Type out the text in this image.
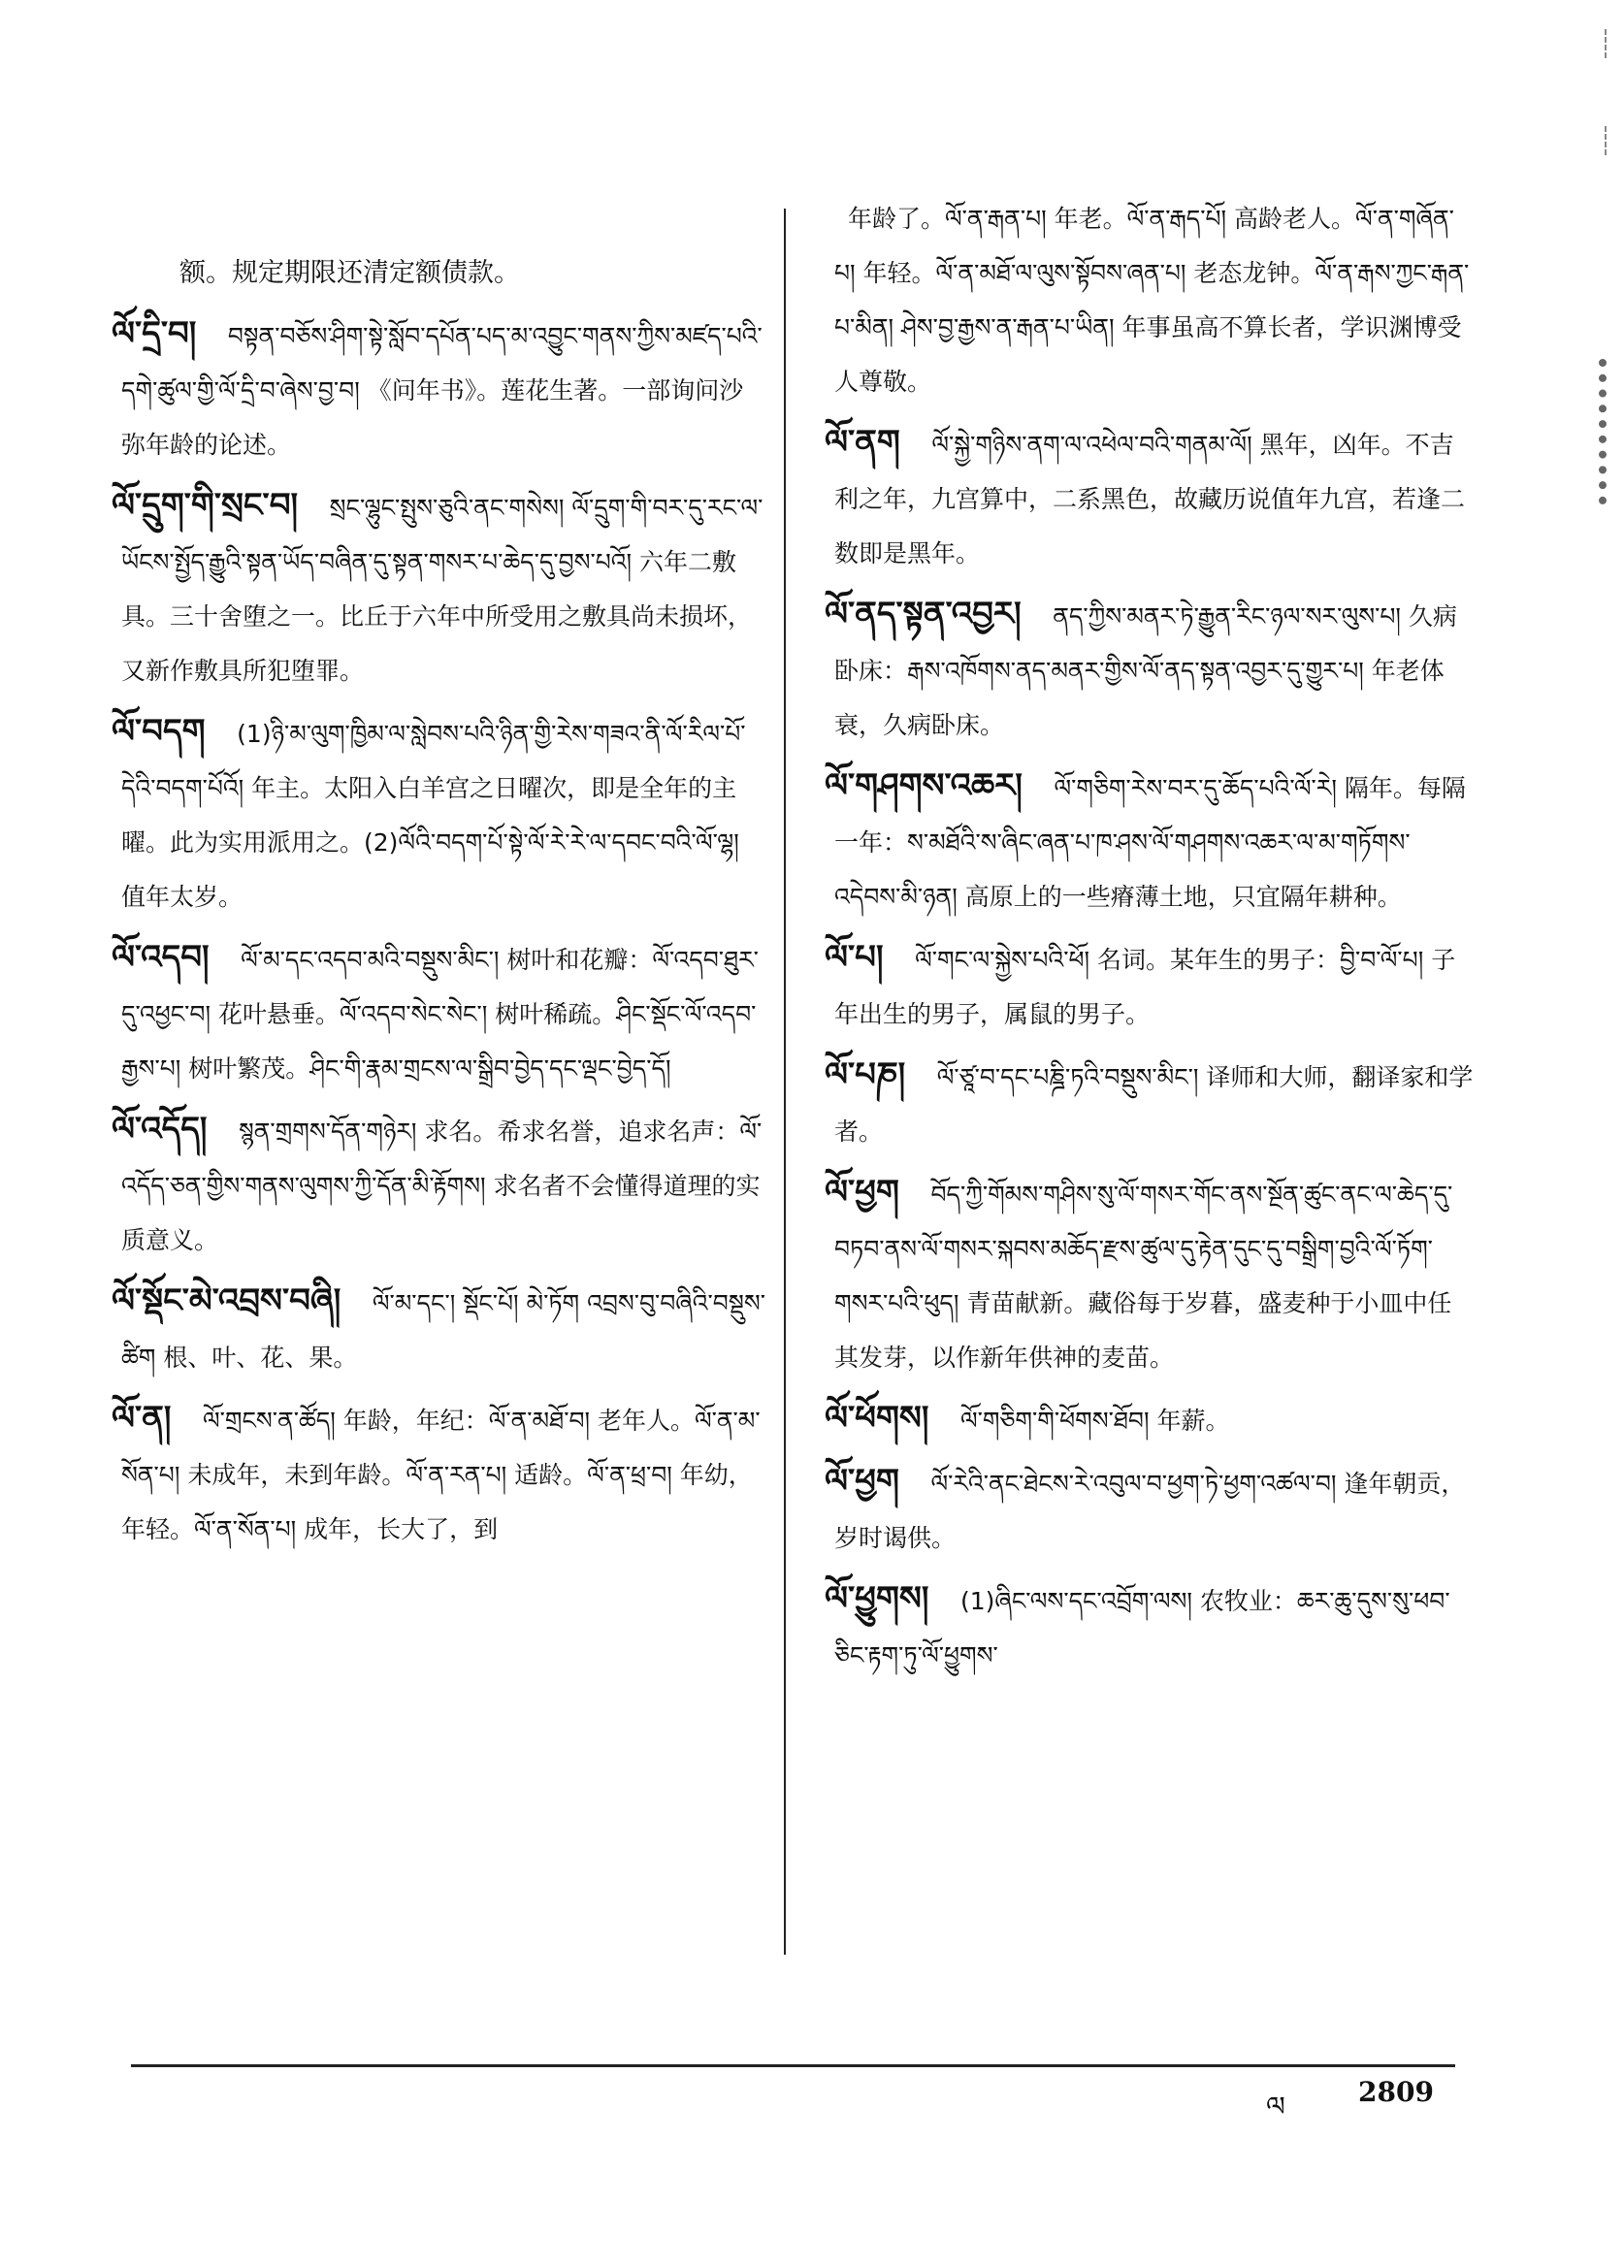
额。规定期限还清定额债款。
ལོ་དྲི་བ། བསྟན་བཅོས་ཤིག་སྟེ་སློབ་དཔོན་པད་མ་འབྱུང་གནས་ཀྱིས་མཛད་པའི་དགེ་ཚུལ་གྱི་ལོ་དྲི་བ་ཞེས་བྱ་བ། 《问年书》。莲花生著。一部询问沙弥年龄的论述。
ལོ་དྲུག་གི་སྲང་བ། སྲང་ལྷུང་སྤུས་ཅུའི་ནང་གསེས། ལོ་དྲུག་གི་བར་དུ་རང་ལ་ཡོངས་སྤྱོད་རྒྱུའི་སྟན་ཡོད་བཞིན་དུ་སྟན་གསར་པ་ཆེད་དུ་བྱས་པའོ། 六年二敷具。三十舍堕之一。比丘于六年中所受用之敷具尚未损坏，又新作敷具所犯堕罪。
ལོ་བདག (1)ཉི་མ་ལུག་ཁྱིམ་ལ་སླེབས་པའི་ཉིན་གྱི་རེས་གཟའ་ནི་ལོ་རིལ་པོ་དེའི་བདག་པོའོ། 年主。太阳入白羊宫之日曜次，即是全年的主曜。此为实用派用之。(2)ལོའི་བདག་པོ་སྟེ་ལོ་རེ་རེ་ལ་དབང་བའི་ལོ་ལྷ། 值年太岁。
ལོ་འདབ། ལོ་མ་དང་འདབ་མའི་བསྡུས་མིང་། 树叶和花瓣：ལོ་འདབ་ཐུར་དུ་འཕྱང་བ། 花叶悬垂。ལོ་འདབ་སེང་སེང་། 树叶稀疏。ཤིང་སྡོང་ལོ་འདབ་རྒྱས་པ། 树叶繁茂。ཤིང་གི་རྣམ་གྲངས་ལ་སྒྲིབ་བྱེད་དང་ལྡང་བྱེད་དོ།
ལོ་འདོད། སྙན་གྲགས་དོན་གཉེར། 求名。希求名誉，追求名声：ལོ་འདོད་ཅན་གྱིས་གནས་ལུགས་ཀྱི་དོན་མི་རྟོགས། 求名者不会懂得道理的实质意义。
ལོ་སྡོང་མེ་འབྲས་བཞི། ལོ་མ་དང་། སྡོང་པོ། མེ་ཏོག འབྲས་བུ་བཞིའི་བསྡུས་ཚིག 根、叶、花、果。
ལོ་ན། ལོ་གྲངས་ན་ཚོད། 年龄，年纪：ལོ་ན་མཐོ་བ། 老年人。ལོ་ན་མ་སོན་པ། 未成年，未到年龄。ལོ་ན་རན་པ། 适龄。ལོ་ན་ཕྲ་བ། 年幼，年轻。ལོ་ན་སོན་པ། 成年，长大了，到
年龄了。ལོ་ན་རྒན་པ། 年老。ལོ་ན་རྒད་པོ། 高龄老人。ལོ་ན་གཞོན་པ། 年轻。ལོ་ན་མཐོ་ལ་ལུས་སྟོབས་ཞན་པ། 老态龙钟。ལོ་ན་རྒས་ཀྱང་རྒན་པ་མིན། ཤེས་བྱ་རྒྱས་ན་རྒན་པ་ཡིན། 年事虽高不算长者，学识渊博受人尊敬。
ལོ་ནག ལོ་སྐྱེ་གཉིས་ནག་ལ་འཕེལ་བའི་གནམ་ལོ། 黑年，凶年。不吉利之年，九宫算中，二系黑色，故藏历说值年九宫，若逢二数即是黑年。
ལོ་ནད་སྟན་འབྱར། ནད་ཀྱིས་མནར་ཏེ་རྒྱུན་རིང་ཉལ་སར་ལུས་པ། 久病卧床：རྒས་འཁོགས་ནད་མནར་གྱིས་ལོ་ནད་སྟན་འབྱར་དུ་གྱུར་པ། 年老体衰，久病卧床。
ལོ་གཤགས་འཆར། ལོ་གཅིག་རེས་བར་དུ་ཆོད་པའི་ལོ་རེ། 隔年。每隔一年：ས་མཐོའི་ས་ཞིང་ཞན་པ་ཁ་ཤས་ལོ་གཤགས་འཆར་ལ་མ་གཏོགས་འདེབས་མི་ཉན། 高原上的一些瘠薄土地，只宜隔年耕种。
ལོ་པ། ལོ་གང་ལ་སྐྱེས་པའི་ཕོ། 名词。某年生的男子：བྱི་བ་ལོ་པ། 子年出生的男子，属鼠的男子。
ལོ་པཎ། ལོ་ཙཱ་བ་དང་པཎྜི་ཏའི་བསྡུས་མིང་། 译师和大师，翻译家和学者。
ལོ་ཕྱག བོད་ཀྱི་གོམས་གཤིས་སུ་ལོ་གསར་གོང་ནས་སྔོན་ཚུང་ནང་ལ་ཆེད་དུ་བཏབ་ནས་ལོ་གསར་སྐབས་མཆོད་རྫས་ཚུལ་དུ་རྟེན་དུང་དུ་བསྒྲིག་བྱའི་ལོ་ཏོག་གསར་པའི་ཕུད། 青苗献新。藏俗每于岁暮，盛麦种于小皿中任其发芽，以作新年供神的麦苗。
ལོ་ཕོགས། ལོ་གཅིག་གི་ཕོགས་ཐོབ། 年薪。
ལོ་ཕྱག ལོ་རེའི་ནང་ཐེངས་རེ་འབུལ་བ་ཕྱག་ཏེ་ཕྱག་འཚལ་བ། 逢年朝贡，岁时谒供。
ལོ་ཕྱུགས། (1)ཞིང་ལས་དང་འབྲོག་ལས། 农牧业：ཆར་ཆུ་དུས་སུ་ཕབ་ཅིང་རྟག་ཏུ་ལོ་ཕྱུགས་
ལ	2809
